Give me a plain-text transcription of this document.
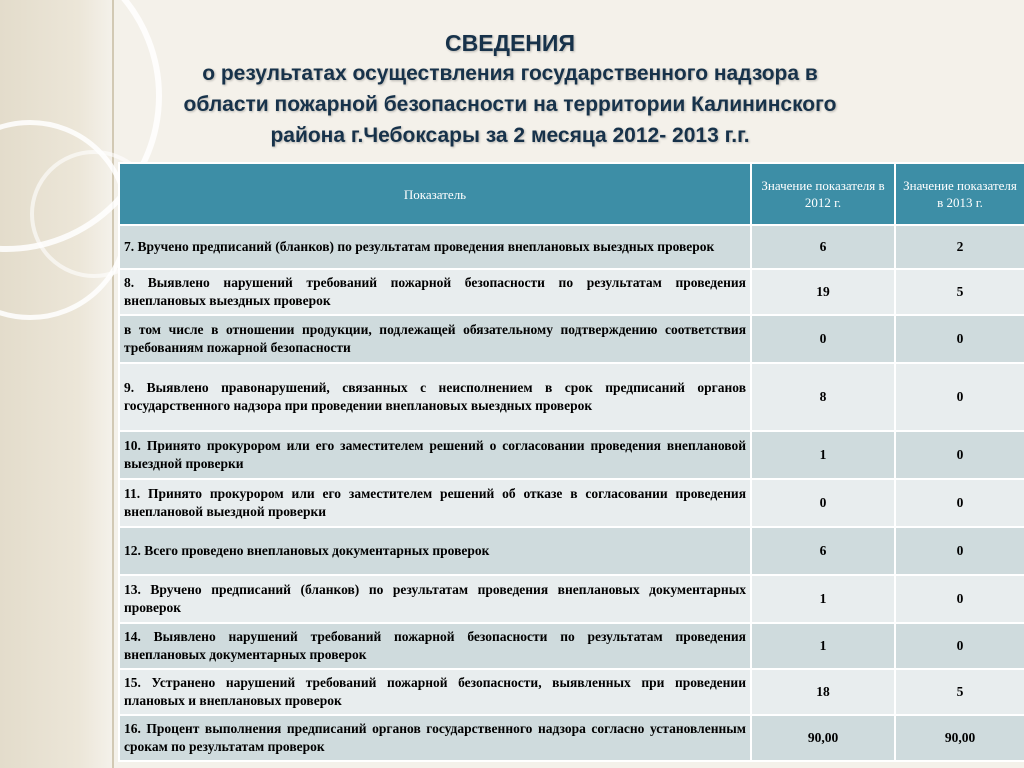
СВЕДЕНИЯ
о результатах осуществления государственного надзора в
области пожарной безопасности на территории Калининского
района г.Чебоксары за 2 месяца 2012- 2013 г.г.
Показатель	Значение показателя в 2012 г.	Значение показателя в 2013 г.
7. Вручено предписаний (бланков) по результатам проведения внеплановых выездных проверок	6	2
8. Выявлено нарушений требований пожарной безопасности по результатам проведения внеплановых выездных проверок	19	5
в том числе в отношении продукции, подлежащей обязательному подтверждению соответствия требованиям пожарной безопасности	0	0
9. Выявлено правонарушений, связанных с неисполнением в срок предписаний органов государственного надзора при проведении внеплановых выездных проверок	8	0
10. Принято прокурором или его заместителем решений о согласовании проведения внеплановой выездной проверки	1	0
11. Принято прокурором или его заместителем решений об отказе в согласовании проведения внеплановой выездной проверки	0	0
12. Всего проведено внеплановых документарных проверок	6	0
13. Вручено предписаний (бланков) по результатам проведения внеплановых документарных проверок	1	0
14. Выявлено нарушений требований пожарной безопасности по результатам проведения внеплановых документарных проверок	1	0
15. Устранено нарушений требований пожарной безопасности, выявленных при проведении плановых и внеплановых проверок	18	5
16. Процент выполнения предписаний органов государственного надзора согласно установленным срокам по результатам проверок	90,00	90,00
